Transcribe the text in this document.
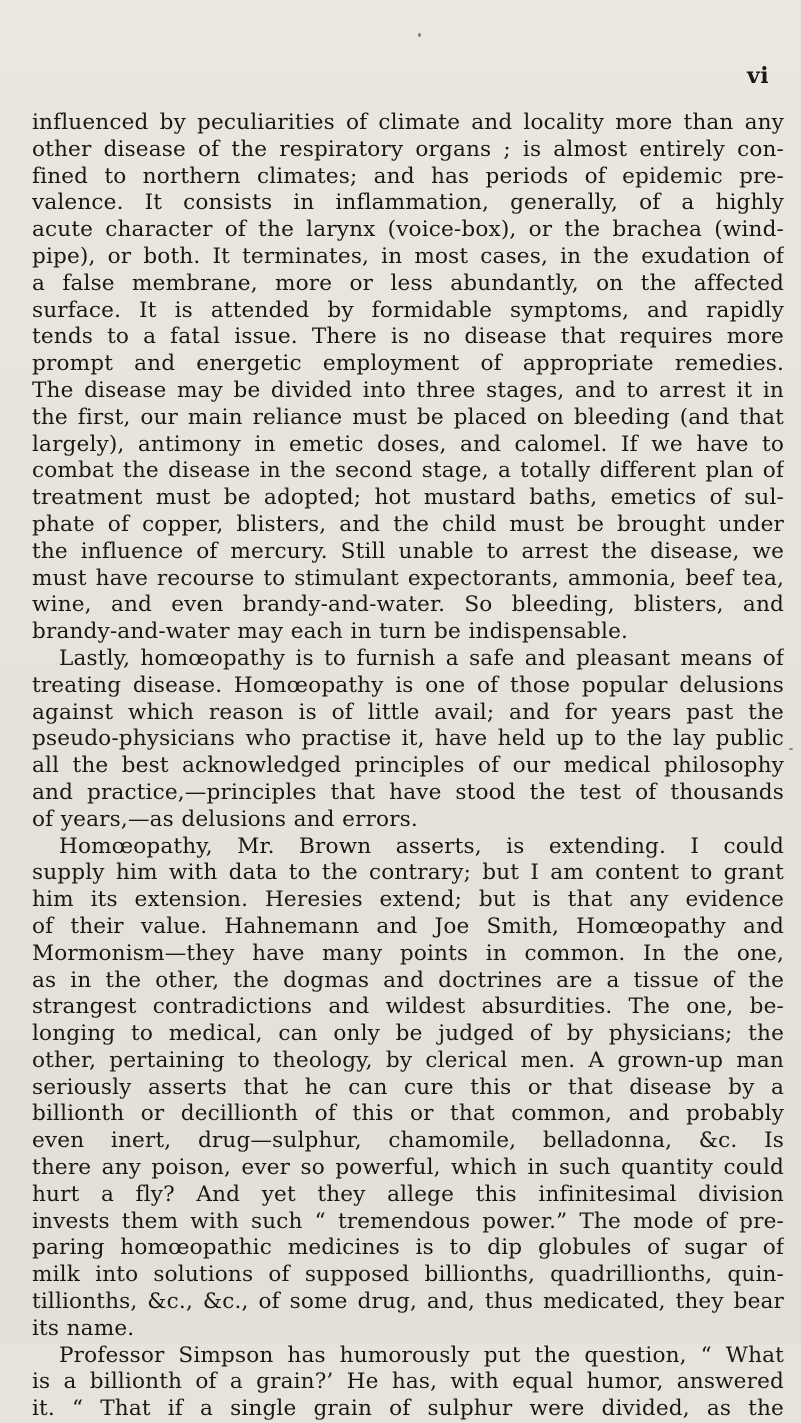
vi
influenced by peculiarities of climate and locality more than any
other disease of the respiratory organs ; is almost entirely con-
fined to northern climates; and has periods of epidemic pre-
valence. It consists in inflammation, generally, of a highly
acute character of the larynx (voice-box), or the brachea (wind-
pipe), or both. It terminates, in most cases, in the exudation of
a false membrane, more or less abundantly, on the affected
surface. It is attended by formidable symptoms, and rapidly
tends to a fatal issue. There is no disease that requires more
prompt and energetic employment of appropriate remedies.
The disease may be divided into three stages, and to arrest it in
the first, our main reliance must be placed on bleeding (and that
largely), antimony in emetic doses, and calomel. If we have to
combat the disease in the second stage, a totally different plan of
treatment must be adopted; hot mustard baths, emetics of sul-
phate of copper, blisters, and the child must be brought under
the influence of mercury. Still unable to arrest the disease, we
must have recourse to stimulant expectorants, ammonia, beef tea,
wine, and even brandy-and-water. So bleeding, blisters, and
brandy-and-water may each in turn be indispensable.
Lastly, homœopathy is to furnish a safe and pleasant means of
treating disease. Homœopathy is one of those popular delusions
against which reason is of little avail; and for years past the
pseudo-physicians who practise it, have held up to the lay public
all the best acknowledged principles of our medical philosophy
and practice,—principles that have stood the test of thousands
of years,—as delusions and errors.
Homœopathy, Mr. Brown asserts, is extending. I could
supply him with data to the contrary; but I am content to grant
him its extension. Heresies extend; but is that any evidence
of their value. Hahnemann and Joe Smith, Homœopathy and
Mormonism—they have many points in common. In the one,
as in the other, the dogmas and doctrines are a tissue of the
strangest contradictions and wildest absurdities. The one, be-
longing to medical, can only be judged of by physicians; the
other, pertaining to theology, by clerical men. A grown-up man
seriously asserts that he can cure this or that disease by a
billionth or decillionth of this or that common, and probably
even inert, drug—sulphur, chamomile, belladonna, &c. Is
there any poison, ever so powerful, which in such quantity could
hurt a fly? And yet they allege this infinitesimal division
invests them with such “ tremendous power.” The mode of pre-
paring homœopathic medicines is to dip globules of sugar of
milk into solutions of supposed billionths, quadrillionths, quin-
tillionths, &c., &c., of some drug, and, thus medicated, they bear
its name.
Professor Simpson has humorously put the question, “ What
is a billionth of a grain?’ He has, with equal humor, answered
it. “ That if a single grain of sulphur were divided, as the
